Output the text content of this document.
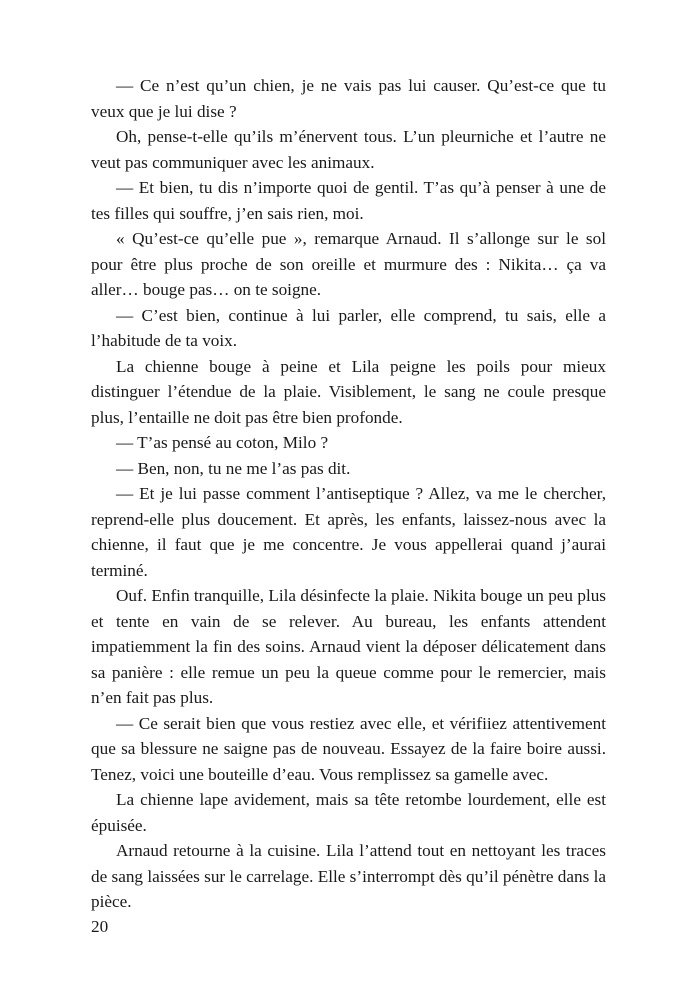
— Ce n’est qu’un chien, je ne vais pas lui causer. Qu’est-ce que tu veux que je lui dise ?

Oh, pense-t-elle qu’ils m’énervent tous. L’un pleurniche et l’autre ne veut pas communiquer avec les animaux.

— Et bien, tu dis n’importe quoi de gentil. T’as qu’à penser à une de tes filles qui souffre, j’en sais rien, moi.

« Qu’est-ce qu’elle pue », remarque Arnaud. Il s’allonge sur le sol pour être plus proche de son oreille et murmure des : Nikita… ça va aller… bouge pas… on te soigne.

— C’est bien, continue à lui parler, elle comprend, tu sais, elle a l’habitude de ta voix.

La chienne bouge à peine et Lila peigne les poils pour mieux distinguer l’étendue de la plaie. Visiblement, le sang ne coule presque plus, l’entaille ne doit pas être bien profonde.

— T’as pensé au coton, Milo ?

— Ben, non, tu ne me l’as pas dit.

— Et je lui passe comment l’antiseptique ? Allez, va me le chercher, reprend-elle plus doucement. Et après, les enfants, laissez-nous avec la chienne, il faut que je me concentre. Je vous appellerai quand j’aurai terminé.

Ouf. Enfin tranquille, Lila désinfecte la plaie. Nikita bouge un peu plus et tente en vain de se relever. Au bureau, les enfants attendent impatiemment la fin des soins. Arnaud vient la déposer délicatement dans sa panière : elle remue un peu la queue comme pour le remercier, mais n’en fait pas plus.

— Ce serait bien que vous restiez avec elle, et vérifiiez attentivement que sa blessure ne saigne pas de nouveau. Essayez de la faire boire aussi. Tenez, voici une bouteille d’eau. Vous remplissez sa gamelle avec.

La chienne lape avidement, mais sa tête retombe lourdement, elle est épuisée.

Arnaud retourne à la cuisine. Lila l’attend tout en nettoyant les traces de sang laissées sur le carrelage. Elle s’interrompt dès qu’il pénètre dans la pièce.

20
